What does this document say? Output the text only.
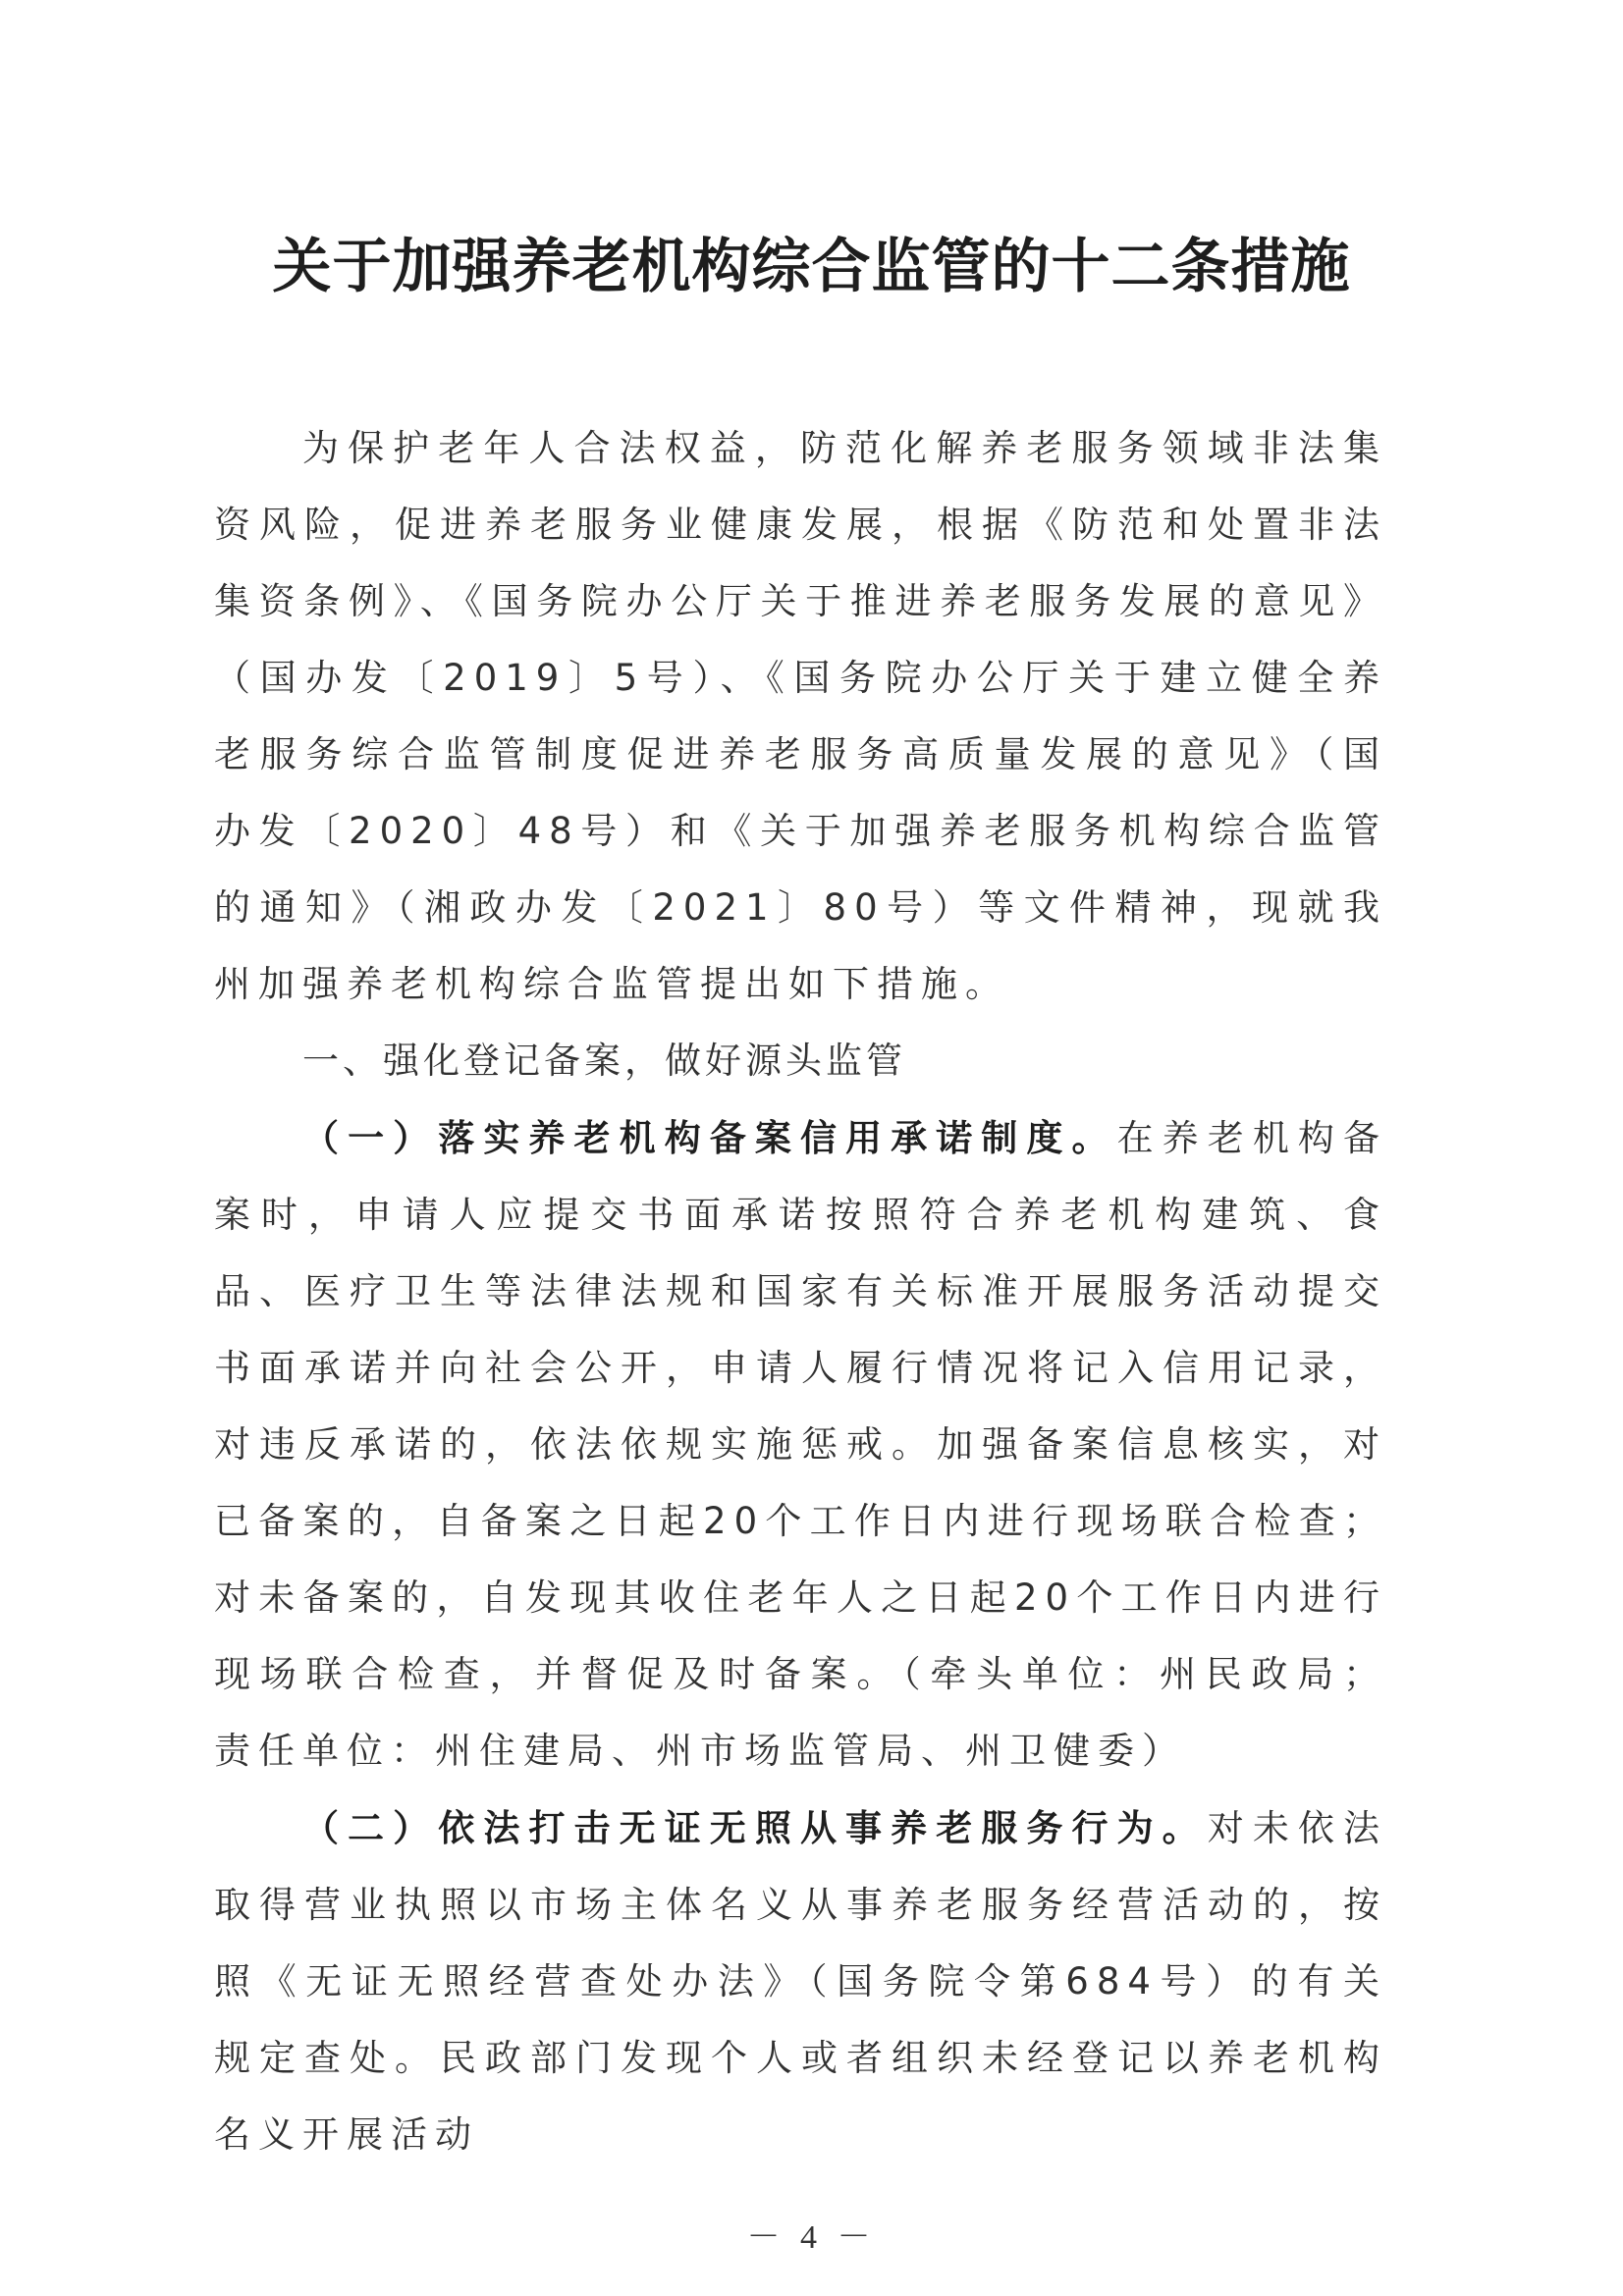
关于加强养老机构综合监管的十二条措施

为保护老年人合法权益，防范化解养老服务领域非法集资风险，促进养老服务业健康发展，根据《防范和处置非法集资条例》、《国务院办公厅关于推进养老服务发展的意见》（国办发〔2019〕5号）、《国务院办公厅关于建立健全养老服务综合监管制度促进养老服务高质量发展的意见》（国办发〔2020〕48号）和《关于加强养老服务机构综合监管的通知》（湘政办发〔2021〕80号）等文件精神，现就我州加强养老机构综合监管提出如下措施。

一、强化登记备案，做好源头监管

（一）落实养老机构备案信用承诺制度。在养老机构备案时，申请人应提交书面承诺按照符合养老机构建筑、食品、医疗卫生等法律法规和国家有关标准开展服务活动提交书面承诺并向社会公开，申请人履行情况将记入信用记录，对违反承诺的，依法依规实施惩戒。加强备案信息核实，对已备案的，自备案之日起20个工作日内进行现场联合检查；对未备案的，自发现其收住老年人之日起20个工作日内进行现场联合检查，并督促及时备案。（牵头单位：州民政局；责任单位：州住建局、州市场监管局、州卫健委）

（二）依法打击无证无照从事养老服务行为。对未依法取得营业执照以市场主体名义从事养老服务经营活动的，按照《无证无照经营查处办法》（国务院令第684号）的有关规定查处。民政部门发现个人或者组织未经登记以养老机构名义开展活动

－ 4 －
